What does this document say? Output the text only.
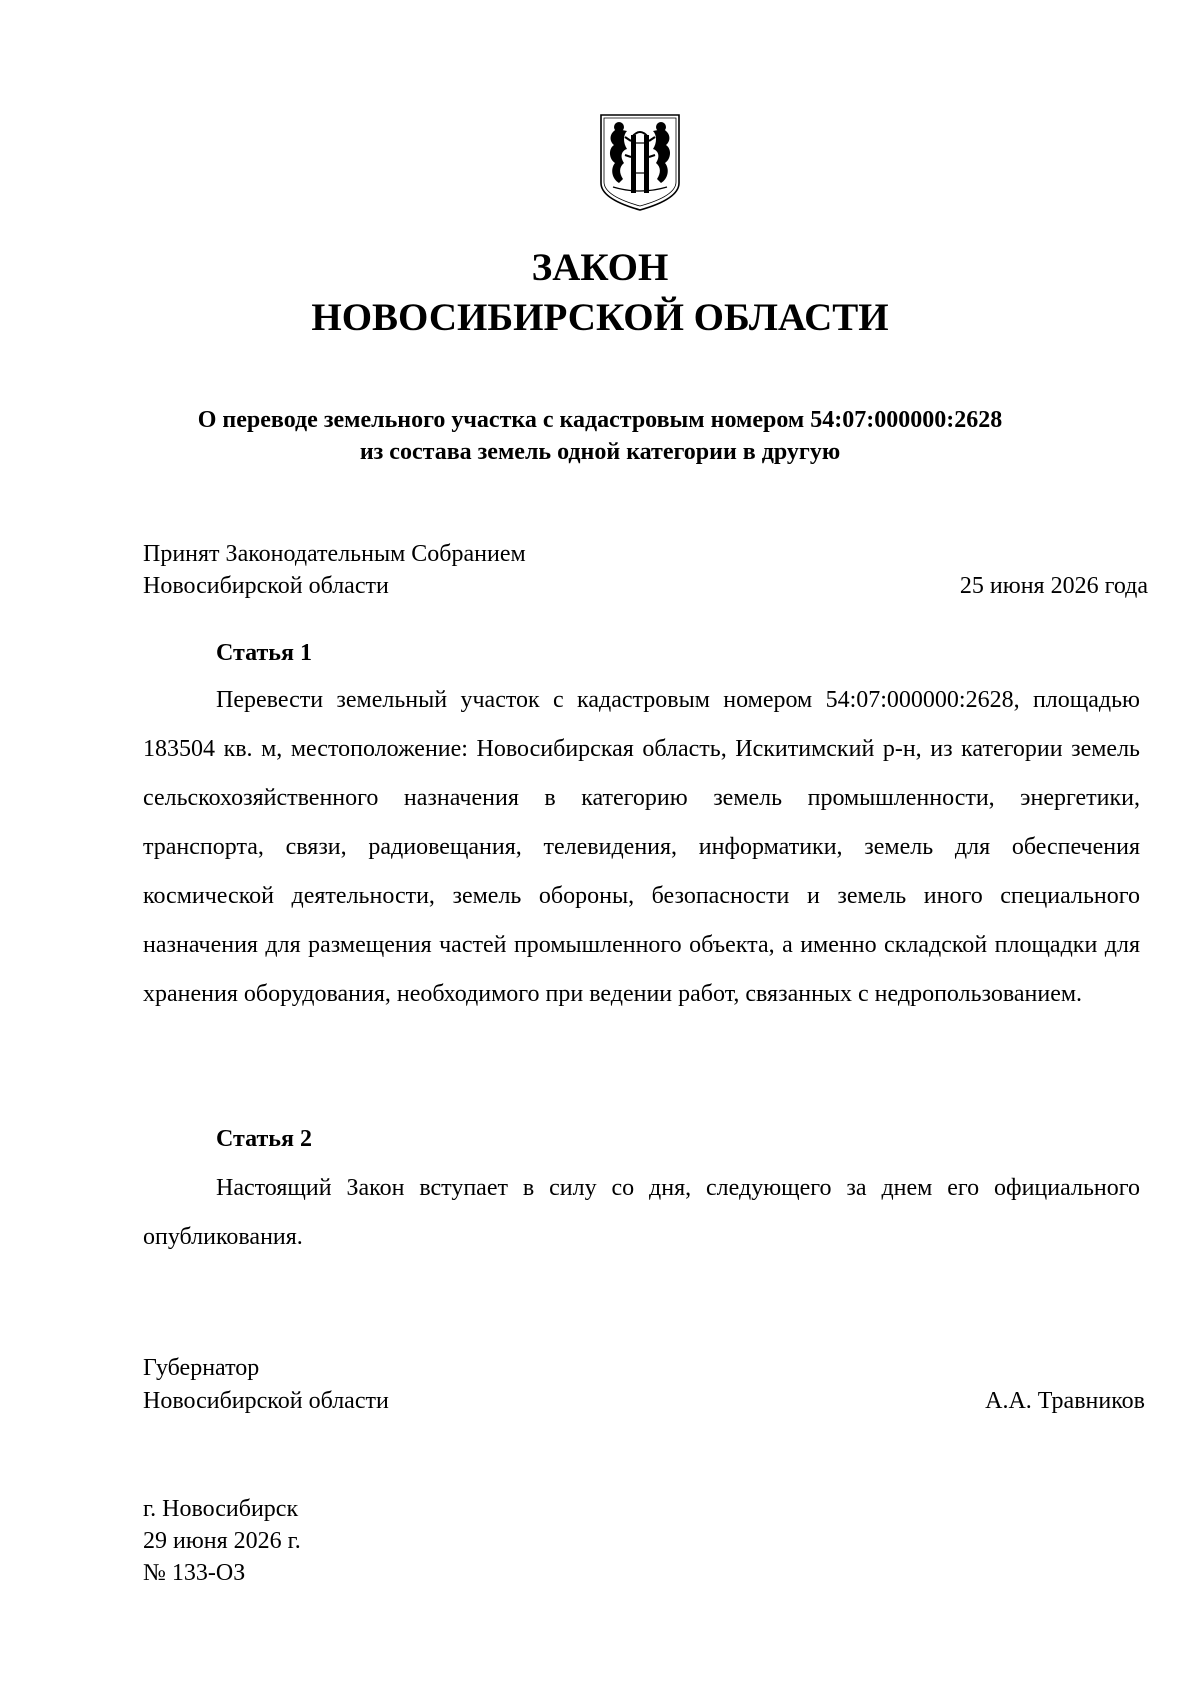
ЗАКОН
НОВОСИБИРСКОЙ ОБЛАСТИ
О переводе земельного участка с кадастровым номером 54:07:000000:2628
из состава земель одной категории в другую
Принят Законодательным Собранием
Новосибирской области	25 июня 2026 года
Статья 1

Перевести земельный участок с кадастровым номером 54:07:000000:2628, площадью 183504 кв. м, местоположение: Новосибирская область, Искитимский р-н, из категории земель сельскохозяйственного назначения в категорию земель промышленности, энергетики, транспорта, связи, радиовещания, телевидения, информатики, земель для обеспечения космической деятельности, земель обороны, безопасности и земель иного специального назначения для размещения частей промышленного объекта, а именно складской площадки для хранения оборудования, необходимого при ведении работ, связанных с недропользованием.

Статья 2

Настоящий Закон вступает в силу со дня, следующего за днем его официального опубликования.

Губернатор
Новосибирской области	А.А. Травников
г. Новосибирск
29 июня 2026 г.
№ 133-ОЗ
